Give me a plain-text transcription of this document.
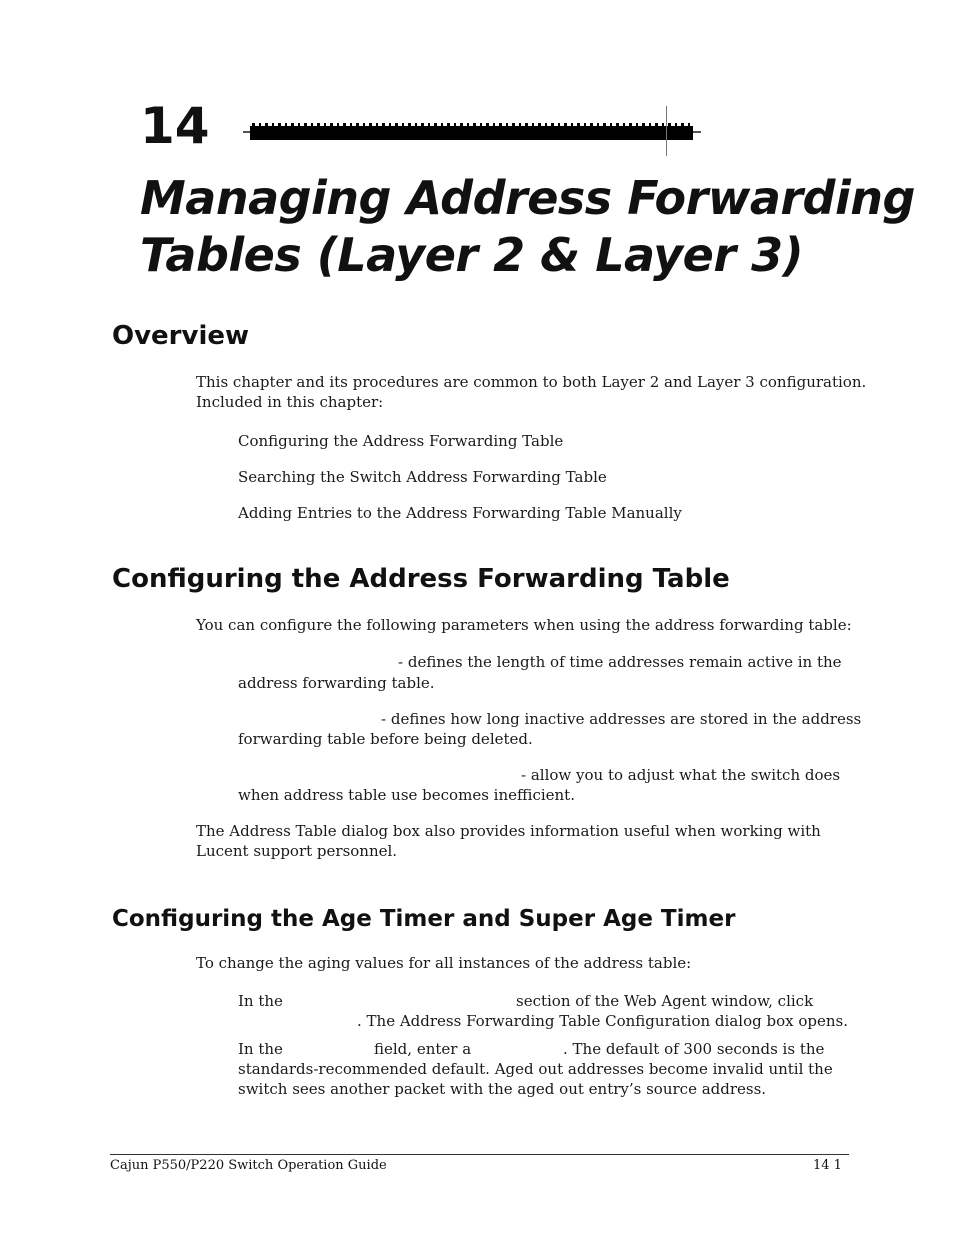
14
Managing Address Forwarding
Tables (Layer 2 & Layer 3)
Overview
This chapter and its procedures are common to both Layer 2 and Layer 3 configuration.
Included in this chapter:
Configuring the Address Forwarding Table
Searching the Switch Address Forwarding Table
Adding Entries to the Address Forwarding Table Manually
Configuring the Address Forwarding Table
You can configure the following parameters when using the address forwarding table:
- defines the length of time addresses remain active in the
address forwarding table.
- defines how long inactive addresses are stored in the address
forwarding table before being deleted.
- allow you to adjust what the switch does
when address table use becomes inefficient.
The Address Table dialog box also provides information useful when working with
Lucent support personnel.
Configuring the Age Timer and Super Age Timer
To change the aging values for all instances of the address table:
In the	section of the Web Agent window, click
. The Address Forwarding Table Configuration dialog box opens.
In the	field, enter a	. The default of 300 seconds is the
standards-recommended default. Aged out addresses become invalid until the
switch sees another packet with the aged out entry’s source address.
Cajun P550/P220 Switch Operation Guide	14 1
